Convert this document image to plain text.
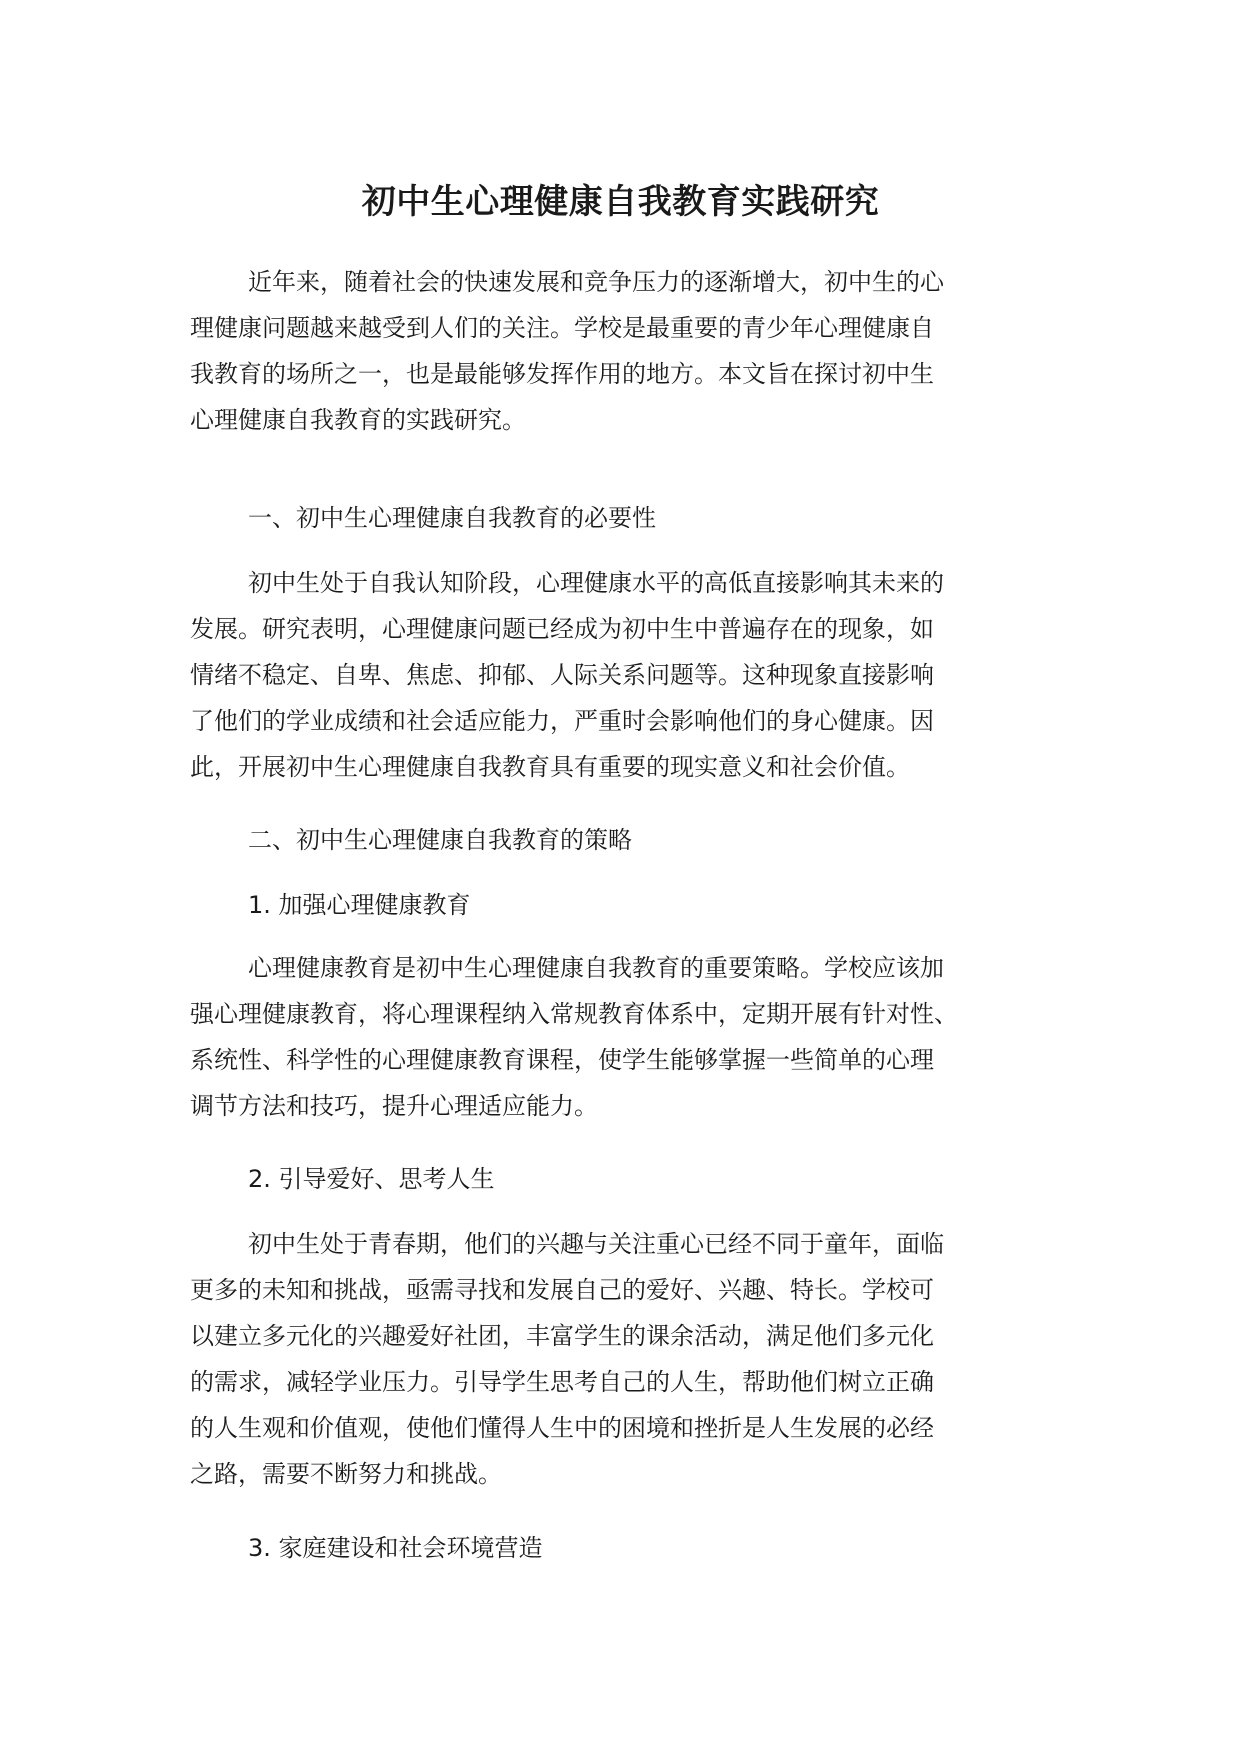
初中生心理健康自我教育实践研究
近年来，随着社会的快速发展和竞争压力的逐渐增大，初中生的心
理健康问题越来越受到人们的关注。学校是最重要的青少年心理健康自
我教育的场所之一，也是最能够发挥作用的地方。本文旨在探讨初中生
心理健康自我教育的实践研究。
一、初中生心理健康自我教育的必要性
初中生处于自我认知阶段，心理健康水平的高低直接影响其未来的
发展。研究表明，心理健康问题已经成为初中生中普遍存在的现象，如
情绪不稳定、自卑、焦虑、抑郁、人际关系问题等。这种现象直接影响
了他们的学业成绩和社会适应能力，严重时会影响他们的身心健康。因
此，开展初中生心理健康自我教育具有重要的现实意义和社会价值。
二、初中生心理健康自我教育的策略
1. 加强心理健康教育
心理健康教育是初中生心理健康自我教育的重要策略。学校应该加
强心理健康教育，将心理课程纳入常规教育体系中，定期开展有针对性、
系统性、科学性的心理健康教育课程，使学生能够掌握一些简单的心理
调节方法和技巧，提升心理适应能力。
2. 引导爱好、思考人生
初中生处于青春期，他们的兴趣与关注重心已经不同于童年，面临
更多的未知和挑战，亟需寻找和发展自己的爱好、兴趣、特长。学校可
以建立多元化的兴趣爱好社团，丰富学生的课余活动，满足他们多元化
的需求，减轻学业压力。引导学生思考自己的人生，帮助他们树立正确
的人生观和价值观，使他们懂得人生中的困境和挫折是人生发展的必经
之路，需要不断努力和挑战。
3. 家庭建设和社会环境营造
